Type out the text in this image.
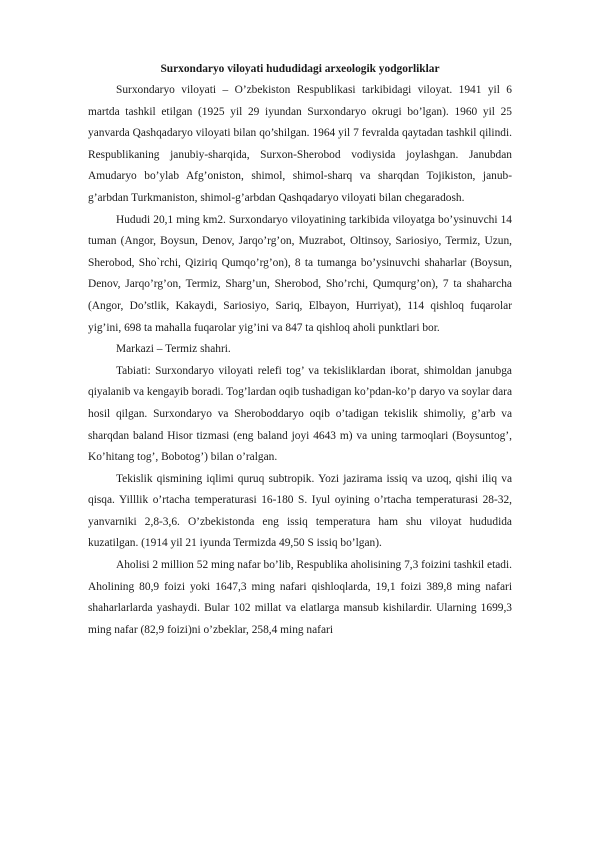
Surxondaryo viloyati hududidagi arxeologik yodgorliklar

Surxondaryo viloyati – O’zbekiston Respublikasi tarkibidagi viloyat. 1941 yil 6 martda tashkil etilgan (1925 yil 29 iyundan Surxondaryo okrugi bo’lgan). 1960 yil 25 yanvarda Qashqadaryo viloyati bilan qo’shilgan. 1964 yil 7 fevralda qaytadan tashkil qilindi. Respublikaning janubiy-sharqida, Surxon-Sherobod vodiysida joylashgan. Janubdan Amudaryo bo’ylab Afg’oniston, shimol, shimol-sharq va sharqdan Tojikiston, janub-g’arbdan Turkmaniston, shimol-g’arbdan Qashqadaryo viloyati bilan chegaradosh.

Hududi 20,1 ming km2. Surxondaryo viloyatining tarkibida viloyatga bo’ysinuvchi 14 tuman (Angor, Boysun, Denov, Jarqo’rg’on, Muzrabot, Oltinsoy, Sariosiyo, Termiz, Uzun, Sherobod, Sho`rchi, Qiziriq Qumqo’rg’on), 8 ta tumanga bo’ysinuvchi shaharlar (Boysun, Denov, Jarqo’rg’on, Termiz, Sharg’un, Sherobod, Sho’rchi, Qumqurg’on), 7 ta shaharcha (Angor, Do’stlik, Kakaydi, Sariosiyo, Sariq, Elbayon, Hurriyat), 114 qishloq fuqarolar yig’ini, 698 ta mahalla fuqarolar yig’ini va 847 ta qishloq aholi punktlari bor.

Markazi – Termiz shahri.

Tabiati: Surxondaryo viloyati relefi tog’ va tekisliklardan iborat, shimoldan janubga qiyalanib va kengayib boradi. Tog’lardan oqib tushadigan ko’pdan-ko’p daryo va soylar dara hosil qilgan. Surxondaryo va Sheroboddaryo oqib o’tadigan tekislik shimoliy, g’arb va sharqdan baland Hisor tizmasi (eng baland joyi 4643 m) va uning tarmoqlari (Boysuntog’, Ko’hitang tog’, Bobotog’) bilan o’ralgan.

Tekislik qismining iqlimi quruq subtropik. Yozi jazirama issiq va uzoq, qishi iliq va qisqa. Yilllik o’rtacha temperaturasi 16-180 S. Iyul oyining o’rtacha temperaturasi 28-32, yanvarniki 2,8-3,6. O’zbekistonda eng issiq temperatura ham shu viloyat hududida kuzatilgan. (1914 yil 21 iyunda Termizda 49,50 S issiq bo’lgan).

Aholisi 2 million 52 ming nafar bo’lib, Respublika aholisining 7,3 foizini tashkil etadi. Aholining 80,9 foizi yoki 1647,3 ming nafari qishloqlarda, 19,1 foizi 389,8 ming nafari shaharlarlarda yashaydi. Bular 102 millat va elatlarga mansub kishilardir. Ularning 1699,3 ming nafar (82,9 foizi)ni o’zbeklar, 258,4 ming nafari
